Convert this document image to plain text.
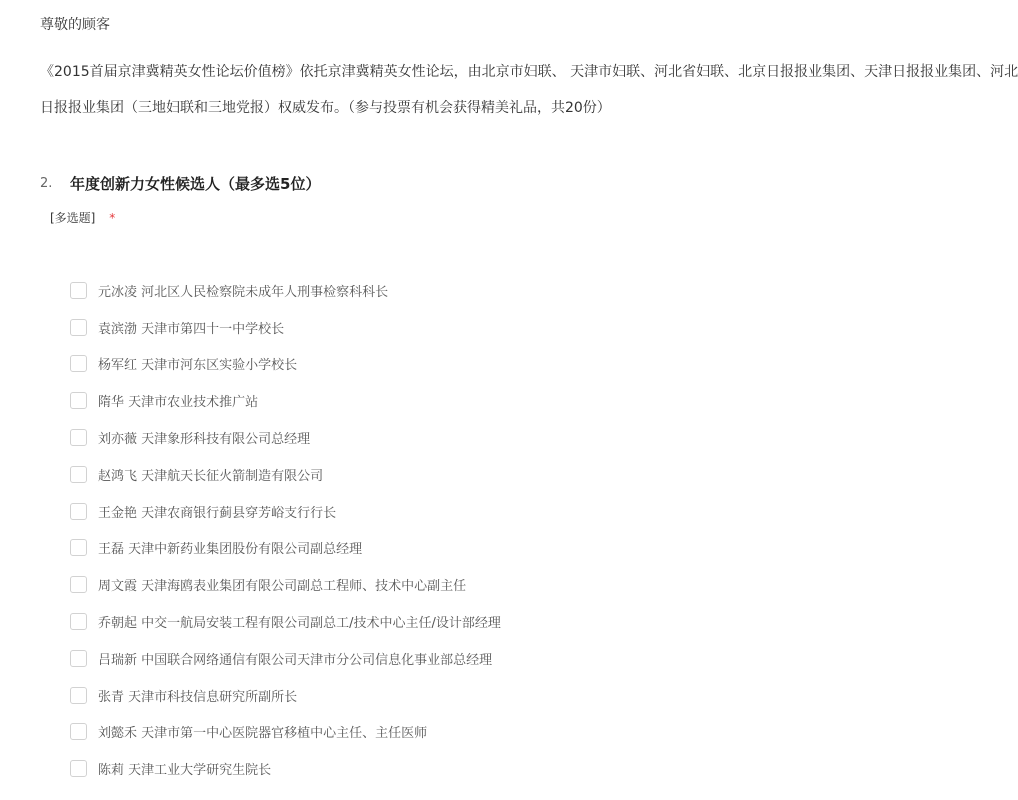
尊敬的顾客
《2015首届京津冀精英女性论坛价值榜》依托京津冀精英女性论坛，由北京市妇联、 天津市妇联、河北省妇联、北京日报报业集团、天津日报报业集团、河北
日报报业集团（三地妇联和三地党报）权威发布。（参与投票有机会获得精美礼品，共20份）
2.	年度创新力女性候选人（最多选5位）
[多选题] *
元冰凌 河北区人民检察院未成年人刑事检察科科长
袁滨渤 天津市第四十一中学校长
杨军红 天津市河东区实验小学校长
隋华 天津市农业技术推广站
刘亦薇 天津象形科技有限公司总经理
赵鸿飞 天津航天长征火箭制造有限公司
王金艳 天津农商银行蓟县穿芳峪支行行长
王磊 天津中新药业集团股份有限公司副总经理
周文霞 天津海鸥表业集团有限公司副总工程师、技术中心副主任
乔朝起 中交一航局安装工程有限公司副总工/技术中心主任/设计部经理
吕瑞新 中国联合网络通信有限公司天津市分公司信息化事业部总经理
张青 天津市科技信息研究所副所长
刘懿禾 天津市第一中心医院器官移植中心主任、主任医师
陈莉 天津工业大学研究生院长
